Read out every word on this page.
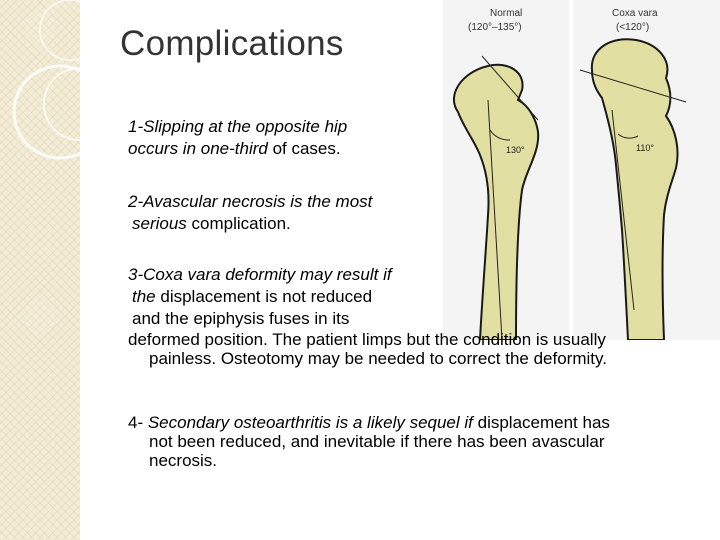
Complications
Normal
(120°–135°)
Coxa vara
(<120°)
130°	110°
1-Slipping at the opposite hip
occurs in one-third of cases.
2-Avascular necrosis is the most
serious complication.
3-Coxa vara deformity may result if
the displacement is not reduced
and the epiphysis fuses in its
deformed position. The patient limps but the condition is usually
painless. Osteotomy may be needed to correct the deformity.
4- Secondary osteoarthritis is a likely sequel if displacement has
not been reduced, and inevitable if there has been avascular
necrosis.
